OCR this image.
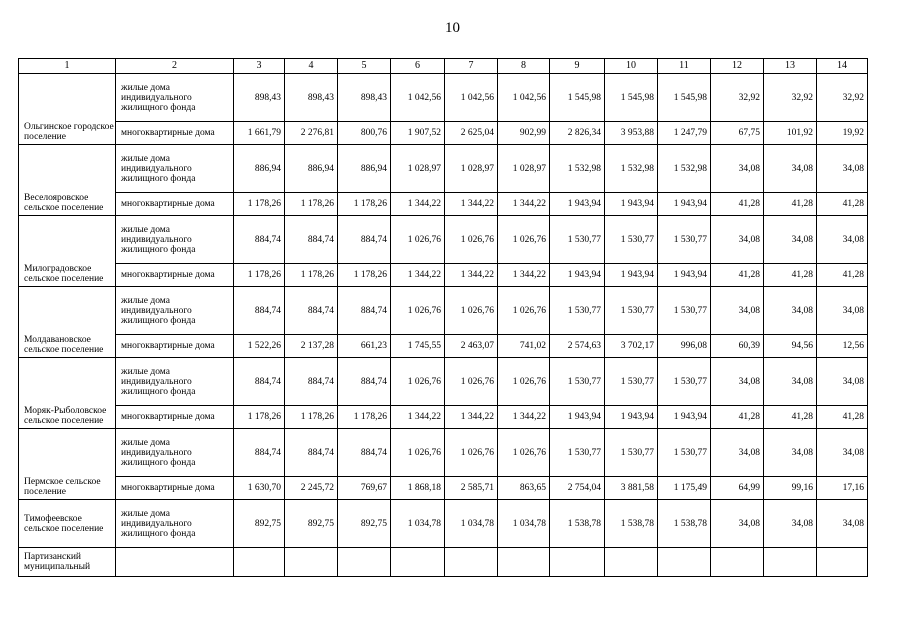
10
1	2	3	4	5	6	7	8	9	10	11	12	13	14
Ольгинское городское поселение	жилые дома индивидуального жилищного фонда	898,43	898,43	898,43	1 042,56	1 042,56	1 042,56	1 545,98	1 545,98	1 545,98	32,92	32,92	32,92
	многоквартирные дома	1 661,79	2 276,81	800,76	1 907,52	2 625,04	902,99	2 826,34	3 953,88	1 247,79	67,75	101,92	19,92
Веселояровское сельское поселение	жилые дома индивидуального жилищного фонда	886,94	886,94	886,94	1 028,97	1 028,97	1 028,97	1 532,98	1 532,98	1 532,98	34,08	34,08	34,08
	многоквартирные дома	1 178,26	1 178,26	1 178,26	1 344,22	1 344,22	1 344,22	1 943,94	1 943,94	1 943,94	41,28	41,28	41,28
Милоградовское сельское поселение	жилые дома индивидуального жилищного фонда	884,74	884,74	884,74	1 026,76	1 026,76	1 026,76	1 530,77	1 530,77	1 530,77	34,08	34,08	34,08
	многоквартирные дома	1 178,26	1 178,26	1 178,26	1 344,22	1 344,22	1 344,22	1 943,94	1 943,94	1 943,94	41,28	41,28	41,28
Молдавановское сельское поселение	жилые дома индивидуального жилищного фонда	884,74	884,74	884,74	1 026,76	1 026,76	1 026,76	1 530,77	1 530,77	1 530,77	34,08	34,08	34,08
	многоквартирные дома	1 522,26	2 137,28	661,23	1 745,55	2 463,07	741,02	2 574,63	3 702,17	996,08	60,39	94,56	12,56
Моряк-Рыболовское сельское поселение	жилые дома индивидуального жилищного фонда	884,74	884,74	884,74	1 026,76	1 026,76	1 026,76	1 530,77	1 530,77	1 530,77	34,08	34,08	34,08
	многоквартирные дома	1 178,26	1 178,26	1 178,26	1 344,22	1 344,22	1 344,22	1 943,94	1 943,94	1 943,94	41,28	41,28	41,28
Пермское сельское поселение	жилые дома индивидуального жилищного фонда	884,74	884,74	884,74	1 026,76	1 026,76	1 026,76	1 530,77	1 530,77	1 530,77	34,08	34,08	34,08
	многоквартирные дома	1 630,70	2 245,72	769,67	1 868,18	2 585,71	863,65	2 754,04	3 881,58	1 175,49	64,99	99,16	17,16
Тимофеевское сельское поселение	жилые дома индивидуального жилищного фонда	892,75	892,75	892,75	1 034,78	1 034,78	1 034,78	1 538,78	1 538,78	1 538,78	34,08	34,08	34,08
Партизанский муниципальный													
